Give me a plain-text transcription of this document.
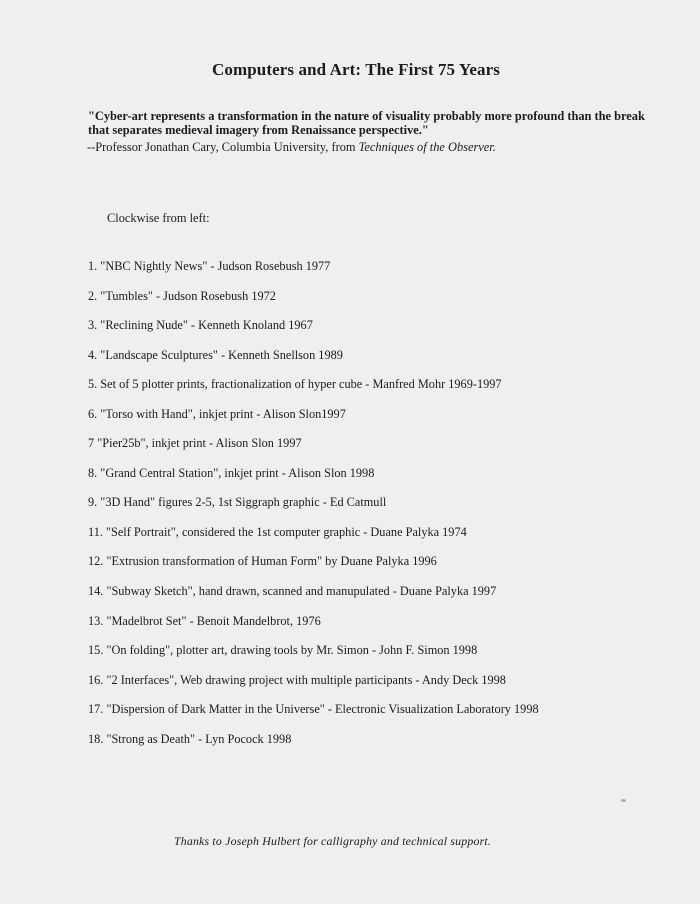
Computers and Art: The First 75 Years
"Cyber-art represents a transformation in the nature of visuality probably more profound than the break that separates medieval imagery from Renaissance perspective."
--Professor Jonathan Cary, Columbia University, from Techniques of the Observer.
Clockwise from left:
1. "NBC Nightly News" - Judson Rosebush 1977
2. "Tumbles" - Judson Rosebush 1972
3. "Reclining Nude" - Kenneth Knoland 1967
4. "Landscape Sculptures" - Kenneth Snellson 1989
5. Set of 5 plotter prints, fractionalization of hyper cube - Manfred Mohr 1969-1997
6. "Torso with Hand", inkjet print - Alison Slon1997
7 "Pier25b", inkjet print - Alison Slon 1997
8. "Grand Central Station", inkjet print - Alison Slon 1998
9. "3D Hand" figures 2-5, 1st Siggraph graphic - Ed Catmull
11. "Self Portrait", considered the 1st computer graphic - Duane Palyka 1974
12. "Extrusion transformation of Human Form" by Duane Palyka 1996
14. "Subway Sketch", hand drawn, scanned and manupulated - Duane Palyka 1997
13. "Madelbrot Set" - Benoit Mandelbrot, 1976
15. "On folding", plotter art, drawing tools by Mr. Simon - John F. Simon 1998
16. "2 Interfaces", Web drawing project with multiple participants - Andy Deck 1998
17. "Dispersion of Dark Matter in the Universe" - Electronic Visualization Laboratory 1998
18. "Strong as Death" - Lyn Pocock 1998
Thanks to Joseph Hulbert for calligraphy and technical support.
